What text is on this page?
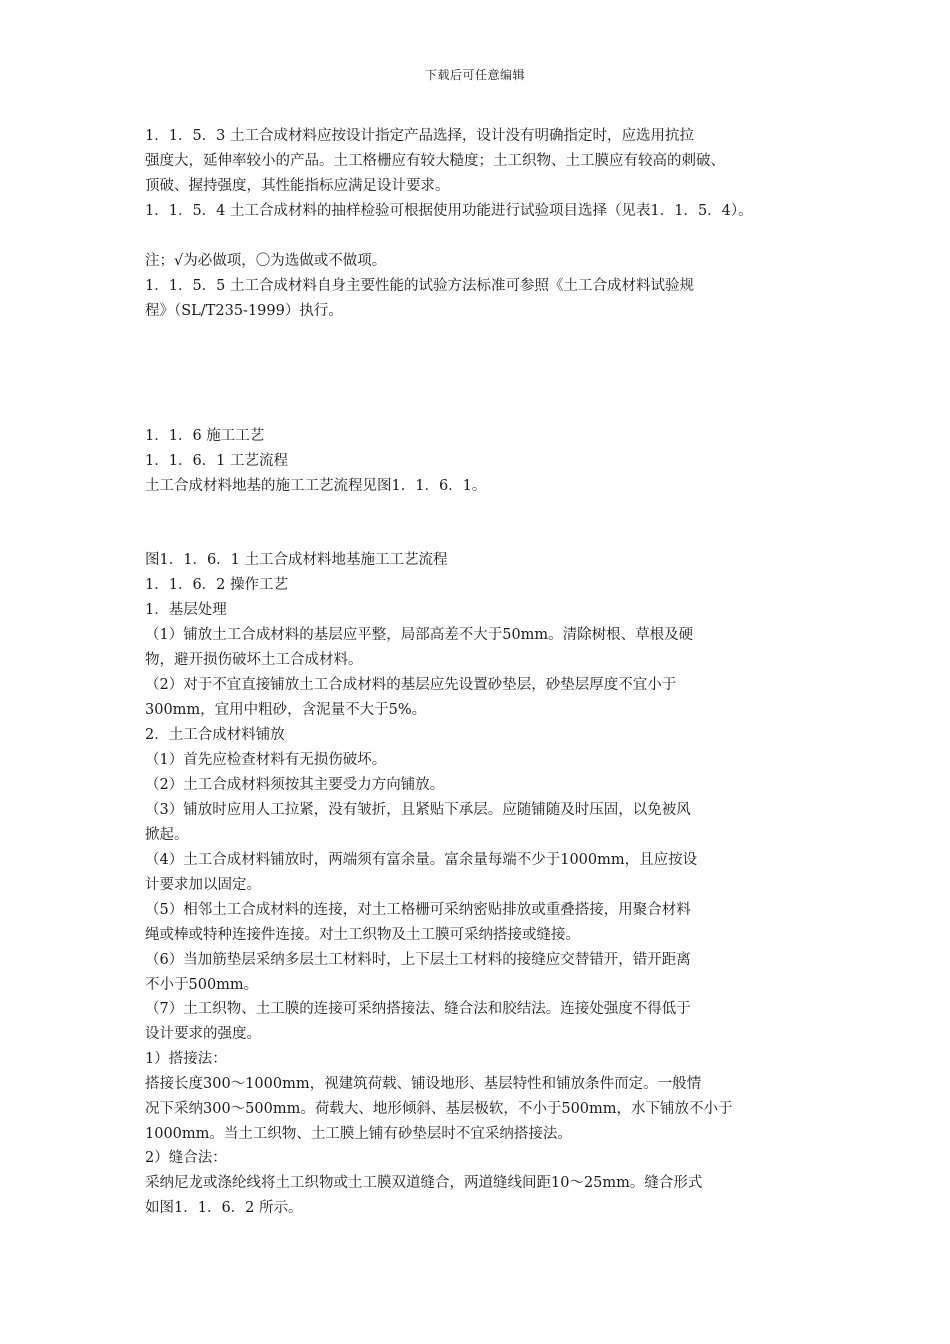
下载后可任意编辑
1．1．5．3 土工合成材料应按设计指定产品选择，设计没有明确指定时，应选用抗拉
强度大，延伸率较小的产品。土工格栅应有较大糙度；土工织物、土工膜应有较高的刺破、
顶破、握持强度，其性能指标应满足设计要求。
1．1．5．4 土工合成材料的抽样检验可根据使用功能进行试验项目选择（见表1．1．5．4）。
注；√为必做项，〇为选做或不做项。
1．1．5．5 土工合成材料自身主要性能的试验方法标准可参照《土工合成材料试验规
程》（SL/T235-1999）执行。
1．1．6 施工工艺
1．1．6．1 工艺流程
土工合成材料地基的施工工艺流程见图1．1．6．1。
图1．1．6．1 土工合成材料地基施工工艺流程
1．1．6．2 操作工艺
1．基层处理
（1）铺放土工合成材料的基层应平整，局部高差不大于50mm。清除树根、草根及硬
物，避开损伤破坏土工合成材料。
（2）对于不宜直接铺放土工合成材料的基层应先设置砂垫层，砂垫层厚度不宜小于
300mm，宜用中粗砂，含泥量不大于5%。
2．土工合成材料铺放
（1）首先应检查材料有无损伤破坏。
（2）土工合成材料须按其主要受力方向铺放。
（3）铺放时应用人工拉紧，没有皱折，且紧贴下承层。应随铺随及时压固，以免被风
掀起。
（4）土工合成材料铺放时，两端须有富余量。富余量每端不少于1000mm，且应按设
计要求加以固定。
（5）相邻土工合成材料的连接，对土工格栅可采纳密贴排放或重叠搭接，用聚合材料
绳或棒或特种连接件连接。对土工织物及土工膜可采纳搭接或缝接。
（6）当加筋垫层采纳多层土工材料时，上下层土工材料的接缝应交替错开，错开距离
不小于500mm。
（7）土工织物、土工膜的连接可采纳搭接法、缝合法和胶结法。连接处强度不得低于
设计要求的强度。
1）搭接法：
搭接长度300～1000mm，视建筑荷载、铺设地形、基层特性和铺放条件而定。一般情
况下采纳300～500mm。荷载大、地形倾斜、基层极软，不小于500mm，水下铺放不小于
1000mm。当土工织物、土工膜上铺有砂垫层时不宜采纳搭接法。
2）缝合法：
采纳尼龙或涤纶线将土工织物或土工膜双道缝合，两道缝线间距10～25mm。缝合形式
如图1．1．6．2 所示。
